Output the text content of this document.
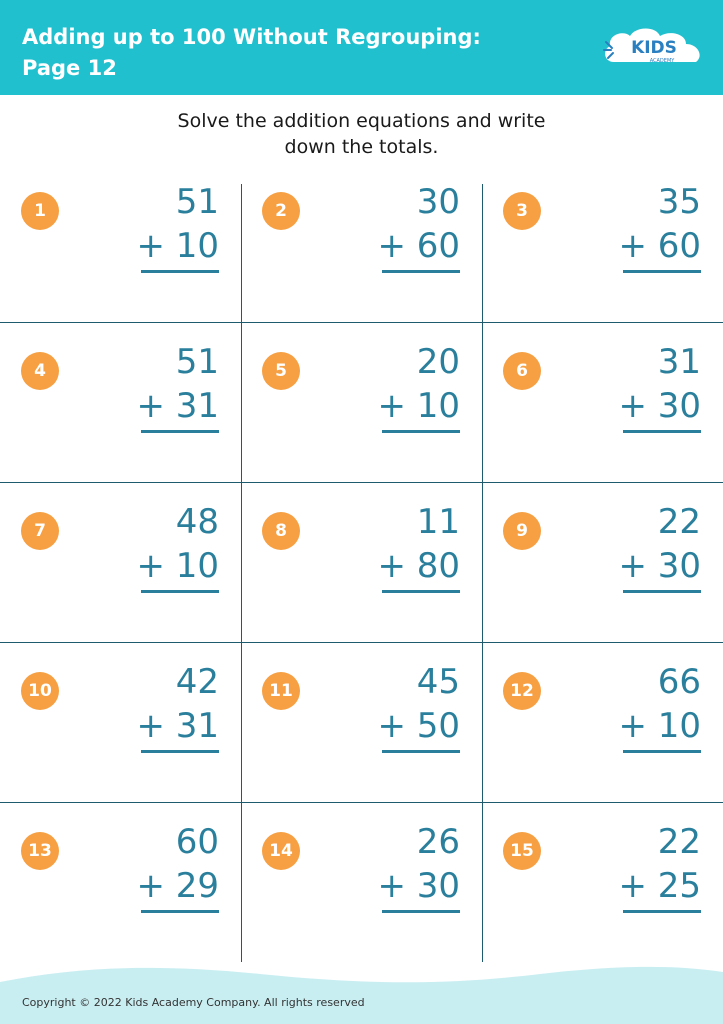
Adding up to 100 Without Regrouping:
Page 12
KIDS
ACADEMY
Solve the addition equations and write
down the totals.
1	51
+ 10
2	30
+ 60
3	35
+ 60
4	51
+ 31
5	20
+ 10
6	31
+ 30
7	48
+ 10
8	11
+ 80
9	22
+ 30
10	42
+ 31
11	45
+ 50
12	66
+ 10
13	60
+ 29
14	26
+ 30
15	22
+ 25
Copyright © 2022 Kids Academy Company. All rights reserved
